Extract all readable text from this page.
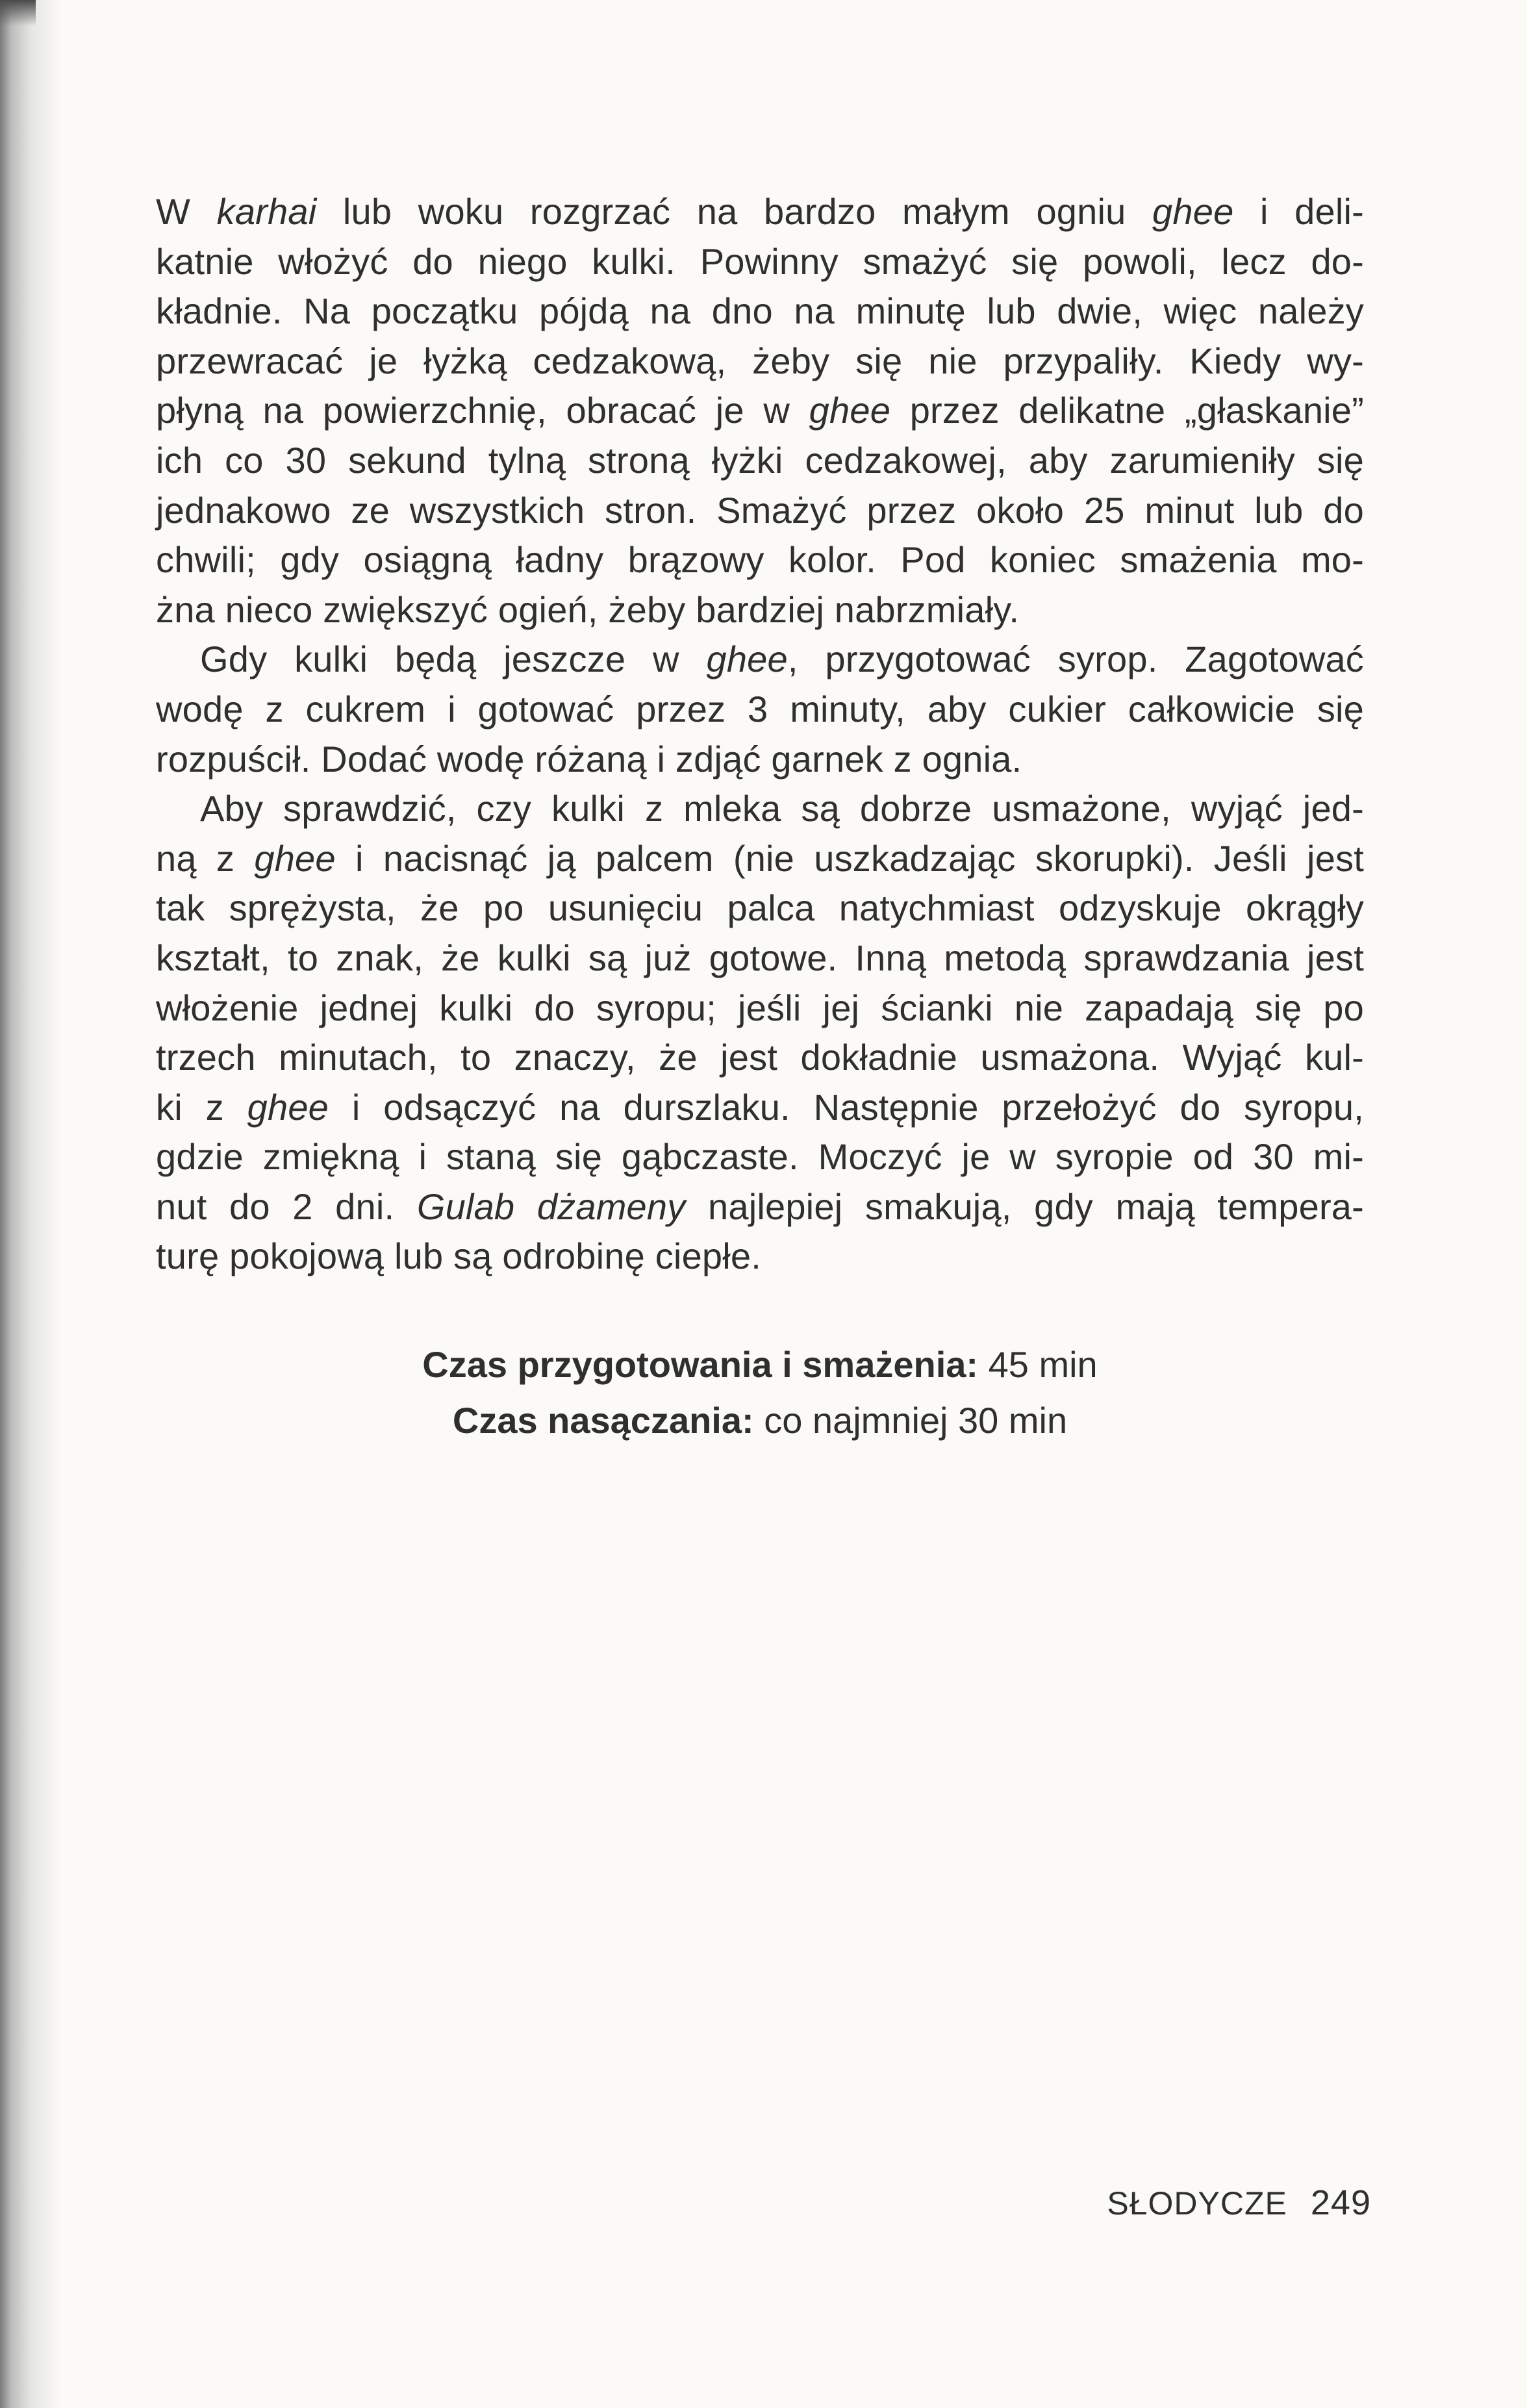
W karhai lub woku rozgrzać na bardzo małym ogniu ghee i deli-
katnie włożyć do niego kulki. Powinny smażyć się powoli, lecz do-
kładnie. Na początku pójdą na dno na minutę lub dwie, więc należy
przewracać je łyżką cedzakową, żeby się nie przypaliły. Kiedy wy-
płyną na powierzchnię, obracać je w ghee przez delikatne „głaskanie”
ich co 30 sekund tylną stroną łyżki cedzakowej, aby zarumieniły się
jednakowo ze wszystkich stron. Smażyć przez około 25 minut lub do
chwili; gdy osiągną ładny brązowy kolor. Pod koniec smażenia mo-
żna nieco zwiększyć ogień, żeby bardziej nabrzmiały.
Gdy kulki będą jeszcze w ghee, przygotować syrop. Zagotować
wodę z cukrem i gotować przez 3 minuty, aby cukier całkowicie się
rozpuścił. Dodać wodę różaną i zdjąć garnek z ognia.
Aby sprawdzić, czy kulki z mleka są dobrze usmażone, wyjąć jed-
ną z ghee i nacisnąć ją palcem (nie uszkadzając skorupki). Jeśli jest
tak sprężysta, że po usunięciu palca natychmiast odzyskuje okrągły
kształt, to znak, że kulki są już gotowe. Inną metodą sprawdzania jest
włożenie jednej kulki do syropu; jeśli jej ścianki nie zapadają się po
trzech minutach, to znaczy, że jest dokładnie usmażona. Wyjąć kul-
ki z ghee i odsączyć na durszlaku. Następnie przełożyć do syropu,
gdzie zmiękną i staną się gąbczaste. Moczyć je w syropie od 30 mi-
nut do 2 dni. Gulab dżameny najlepiej smakują, gdy mają tempera-
turę pokojową lub są odrobinę ciepłe.
Czas przygotowania i smażenia: 45 min
Czas nasączania: co najmniej 30 min
SŁODYCZE 249
